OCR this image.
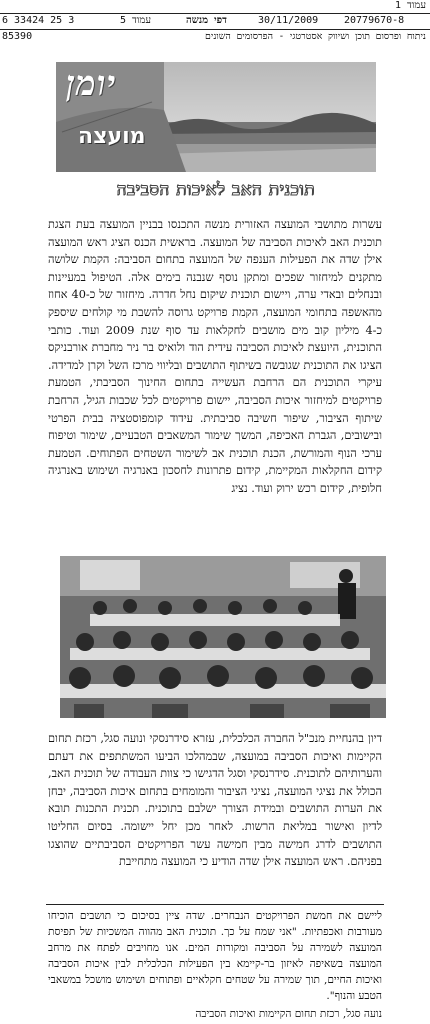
עמוד 1
6 33424 25 3	עמוד 5	דפי מנשה	30/11/2009	20779670-8
85390	ניתוח ופרסום תוכן ושיווק אסטרטגי - הפרסומים השונים
יומן
מועצה
תוכנית האב לאיכות הסביבה
עשרות מתושבי המועצה האזורית מנשה התכנסו בבניין המועצה בעת הצגת תוכנית האב לאיכות הסביבה של המועצה. בראשית הכנס הציג ראש המועצה אילן שדה את הפעילות הענפה של המועצה בתחום הסביבה: הקמת שלושה מתקנים למיחזור שפכים ומתקן נוסף שנבנה בימים אלה. הטיפול במעיינות ובנחלים ובאדי ערה, ויישום תוכנית שיקום נחל חדרה. מיחזור של כ-40 אחוז מהאשפה בתחומי המועצה, הקמת פרויקט גרוסה להשבת מי קולחים שיספק כ-4 מיליון קוב מים מושבים לחקלאות עד סוף שנת 2009 ועוד. כותבי התוכנית, היועצת לאיכות הסביבה עידית הוד ולואיס בר ניר מחברת אורבניקס הציגו את התוכנית שגובשה בשיתוף התושבים ובליווי מרכז השל וקרן למדידה. עיקרי התוכנית הם הרחבת העשייה בתחום החינוך הסביבתי, הטמעת פרויקטים למיחזור איכות הסביבה, יישום פרויקטים לכל שכבות הגיל, הרחבת שיתוף הציבור, שיפור חשיבה סביבתית. עידוד קומפוסטציה בבית הפרטי ובישובים, הגברת האכיפה, המשך שימור המשאבים הטבעיים, שימור וטיפוח ערכי הנוף והמורשת, הכנת תוכנית אב לשימור השטחים הפתוחים. הטמעת קידום החקלאות המקיימת, קידום פתרונות לחסכון באנרגיה ושימוש באנרגיה חלופית, קידום רכש ירוק ועוד. נציג
דיון בהנחיית מנכ"ל החברה הכלכלית, עזרא סידרנסקי ונועה סגל, רכזת תחום הקיימות ואיכות הסביבה במועצה, שבמהלכו הביעו המשתתפים את דעתם והערותיהם לתוכנית. סידרנסקי וסגל הדגישו כי צוות העבודה של תוכנית האב, הכולל את נציגי המועצה, נציגי הציבור והמומחים בתחום איכות הסביבה, יבחן את הערות התושבים ובמידת הצורך ישלבם בתוכנית. תכנית התכנות תובא לדיון ואישור במליאת הרשות. לאחר מכן יחל יישומה. בסיום החליטו התושבים לדרג חמישה מבין חמישה עשר הפרויקטים הסביבתיים שהוצגו בפניהם. ראש המועצה אילן שדה הודיע כי המועצה מתחייבת
ליישם את חמשת הפרויקטים הנבחרים. שדה ציין בסיכום כי תושבים הוכיחו מעורבות ואכפתיות. "אני שמח על כך. תוכנית האב מהווה המשכיות של תפיסת המועצה לשמירה על הסביבה ומקורות המים. אנו מחויבים לפתח את מרחב המועצה בשאיפה לאיזון בר-קיימא בין הפעילות הכלכלית לבין איכות הסביבה ואיכות החיים, תוך שמירה על שטחים חקלאיים ופתוחים ושימוש מושכל במשאבי הטבע והנוף".
נועה סגל, רכזת תחום הקיימות ואיכות הסביבה
